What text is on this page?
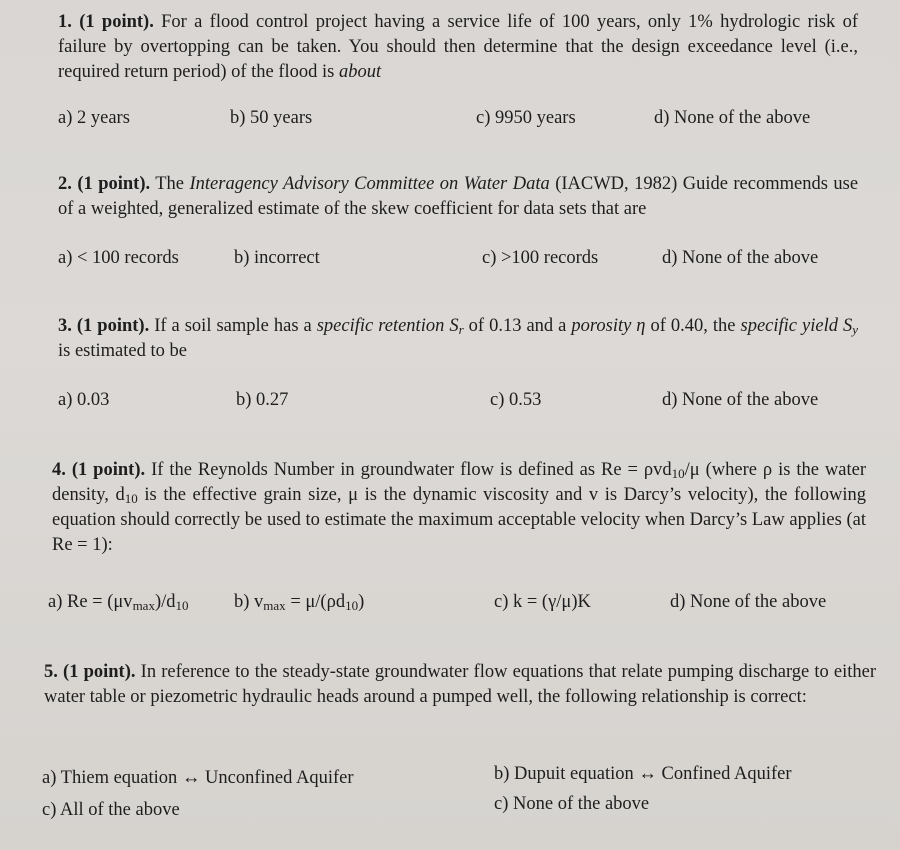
1. (1 point). For a flood control project having a service life of 100 years, only 1% hydrologic risk of failure by overtopping can be taken. You should then determine that the design exceedance level (i.e., required return period) of the flood is about
a) 2 years	b) 50 years	c) 9950 years	d) None of the above
2. (1 point). The Interagency Advisory Committee on Water Data (IACWD, 1982) Guide recommends use of a weighted, generalized estimate of the skew coefficient for data sets that are
a) < 100 records	b) incorrect	c) >100 records	d) None of the above
3. (1 point). If a soil sample has a specific retention $S_r$ of 0.13 and a porosity η of 0.40, the specific yield $S_y$ is estimated to be
a) 0.03	b) 0.27	c) 0.53	d) None of the above
4. (1 point). If the Reynolds Number in groundwater flow is defined as Re = ρvd$_{10}$/μ (where ρ is the water density, $d_{10}$ is the effective grain size, μ is the dynamic viscosity and v is Darcy’s velocity), the following equation should correctly be used to estimate the maximum acceptable velocity when Darcy’s Law applies (at Re = 1):
a) $Re = (\mu v_{max})/d_{10}$ b) $v_{max} = \mu/(\rho d_{10})$	c) k = (γ/μ)K	d) None of the above
5. (1 point). In reference to the steady-state groundwater flow equations that relate pumping discharge to either water table or piezometric hydraulic heads around a pumped well, the following relationship is correct:
a) Thiem equation ↔ Unconfined Aquifer	b) Dupuit equation ↔ Confined Aquifer
c) All of the above	c) None of the above
